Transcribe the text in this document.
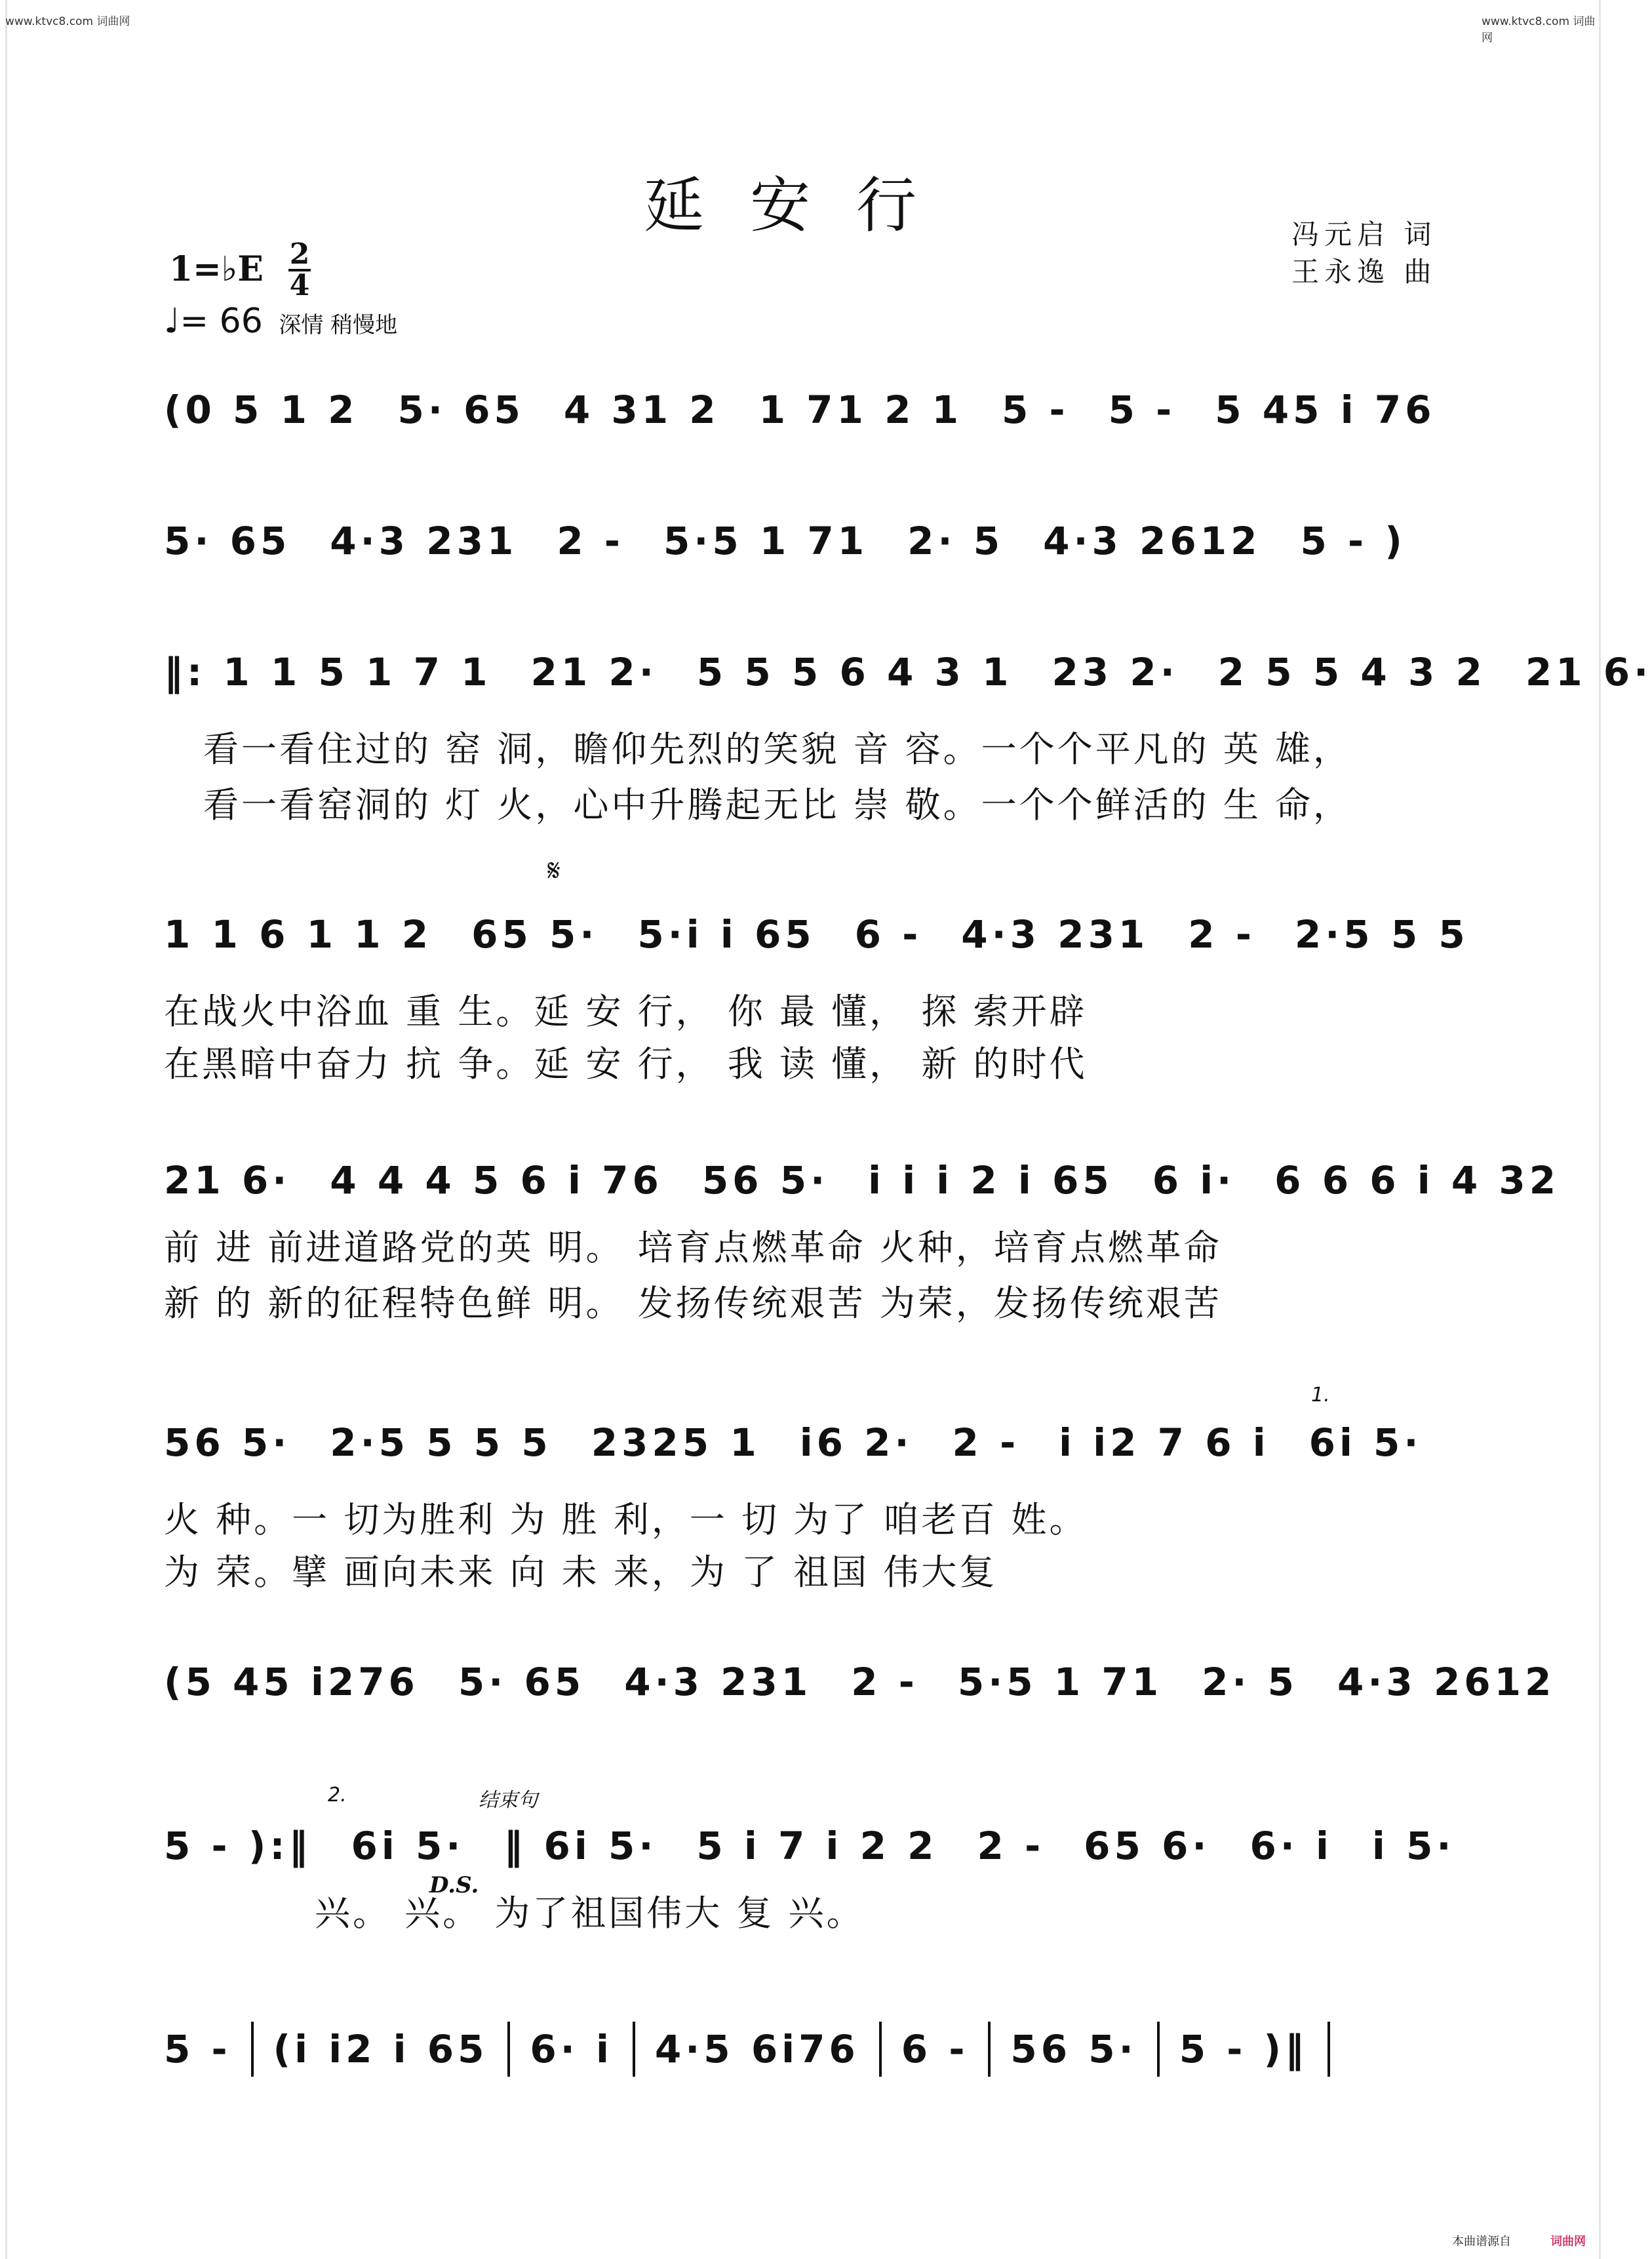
www.ktvc8.com 词曲网	www.ktvc8.com 词曲网
延安行	冯元启 词
王永逸 曲
1=♭E 2
4
♩= 66 深情 稍慢地
(0 5 1 2 5· 65 4 31 2 1 71 2 1 5 - 5 - 5 45 i 76
5· 65 4·3 231 2 - 5·5 1 71 2· 5 4·3 2612 5 - )
‖: 1 1 5 1 7 1 21 2· 5 5 5 6 4 3 1 23 2· 2 5 5 4 3 2 21 6·
看一看住过的 窑 洞，瞻仰先烈的笑貌 音 容。一个个平凡的 英 雄，
看一看窑洞的 灯 火，心中升腾起无比 崇 敬。一个个鲜活的 生 命，
𝄋
1 1 6 1 1 2 65 5· 5·i i 65 6 - 4·3 231 2 - 2·5 5 5
在战火中浴血 重 生。延 安 行， 你 最 懂， 探 索开辟
在黑暗中奋力 抗 争。延 安 行， 我 读 懂， 新 的时代
21 6· 4 4 4 5 6 i 76 56 5· i i i 2 i 65 6 i· 6 6 6 i 4 32
前 进 前进道路党的英 明。 培育点燃革命 火种，培育点燃革命
新 的 新的征程特色鲜 明。 发扬传统艰苦 为荣，发扬传统艰苦
1.
56 5· 2·5 5 5 5 2325 1 i6 2· 2 - i i2 7 6 i 6i 5·
火 种。一 切为胜利 为 胜 利，一 切 为了 咱老百 姓。
为 荣。擘 画向未来 向 未 来，为 了 祖国 伟大复
(5 45 i276 5· 65 4·3 231 2 - 5·5 1 71 2· 5 4·3 2612
2.	结束句
5 - ):‖ 6i 5· ‖ 6i 5· 5 i 7 i 2 2 2 - 65 6· 6· i i 5·
D.S.
兴。 兴。 为了祖国伟大 复 兴。
5 - (i i2 i 65 6· i 4·5 6i76 6 - 56 5· 5 - )‖
本曲谱源自	词曲网
